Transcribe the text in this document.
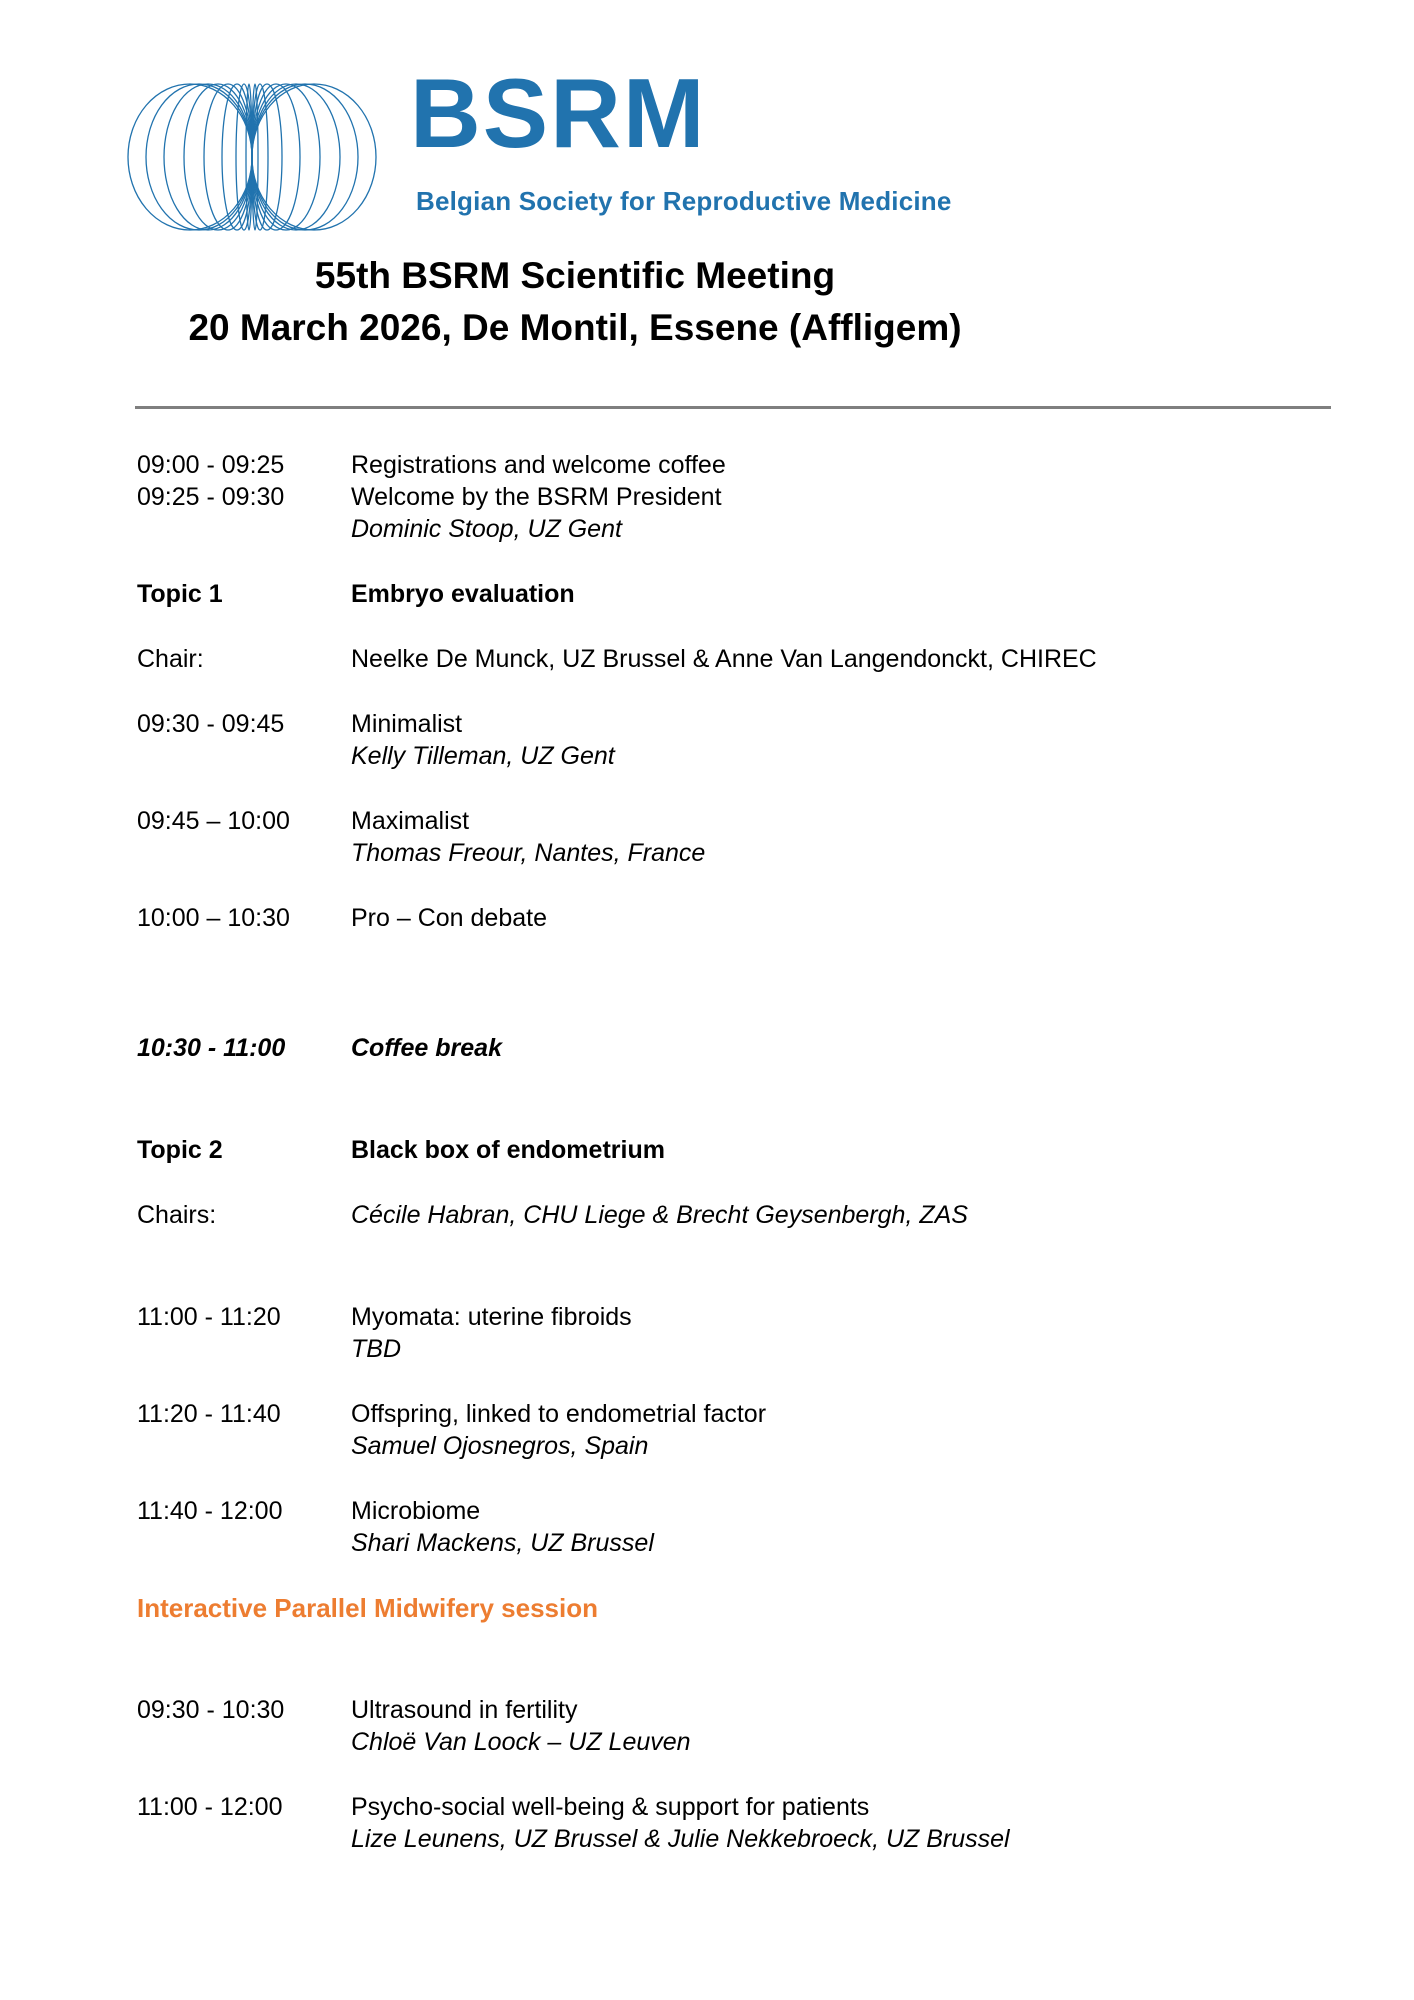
BSRM
Belgian Society for Reproductive Medicine
55th BSRM Scientific Meeting
20 March 2026, De Montil, Essene (Affligem)
09:00 - 09:25	Registrations and welcome coffee
09:25 - 09:30	Welcome by the BSRM President
Dominic Stoop, UZ Gent
Topic 1	Embryo evaluation
Chair:	Neelke De Munck, UZ Brussel & Anne Van Langendonckt, CHIREC
09:30 - 09:45	Minimalist
Kelly Tilleman, UZ Gent
09:45 – 10:00	Maximalist
Thomas Freour, Nantes, France
10:00 – 10:30	Pro – Con debate
10:30 - 11:00	Coffee break
Topic 2	Black box of endometrium
Chairs:	Cécile Habran, CHU Liege & Brecht Geysenbergh, ZAS
11:00 - 11:20	Myomata: uterine fibroids
TBD
11:20 - 11:40	Offspring, linked to endometrial factor
Samuel Ojosnegros, Spain
11:40 - 12:00	Microbiome
Shari Mackens, UZ Brussel
Interactive Parallel Midwifery session
09:30 - 10:30	Ultrasound in fertility
Chloë Van Loock – UZ Leuven
11:00 - 12:00	Psycho-social well-being & support for patients
Lize Leunens, UZ Brussel & Julie Nekkebroeck, UZ Brussel
